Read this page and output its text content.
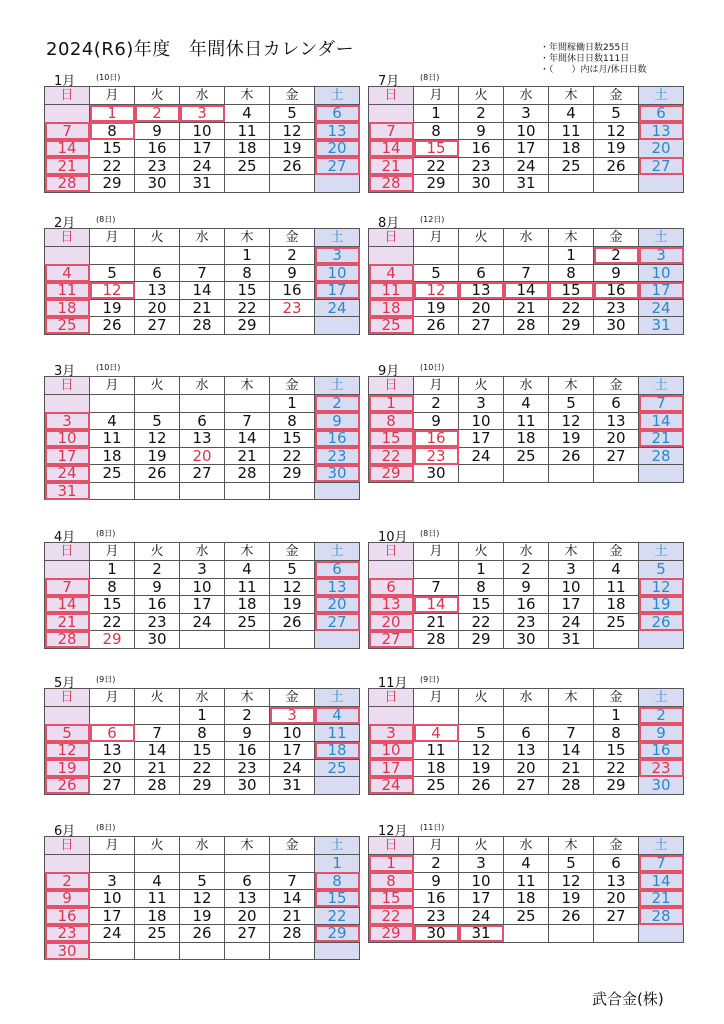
2024(R6)年度 年間休日カレンダー	・年間稼働日数255日
・年間休日日数111日
・（　　）内は月/休日日数
1月	(10日)
日	月	火	水	木	金	土
	1	2	3	4	5	6
7	8	9	10	11	12	13
14	15	16	17	18	19	20
21	22	23	24	25	26	27
28	29	30	31			
2月	(8日)
日	月	火	水	木	金	土
				1	2	3
4	5	6	7	8	9	10
11	12	13	14	15	16	17
18	19	20	21	22	23	24
25	26	27	28	29		
3月	(10日)
日	月	火	水	木	金	土
					1	2
3	4	5	6	7	8	9
10	11	12	13	14	15	16
17	18	19	20	21	22	23
24	25	26	27	28	29	30
31						
4月	(8日)
日	月	火	水	木	金	土
	1	2	3	4	5	6
7	8	9	10	11	12	13
14	15	16	17	18	19	20
21	22	23	24	25	26	27
28	29	30				
5月	(9日)
日	月	火	水	木	金	土
			1	2	3	4
5	6	7	8	9	10	11
12	13	14	15	16	17	18
19	20	21	22	23	24	25
26	27	28	29	30	31	
6月	(8日)
日	月	火	水	木	金	土
						1
2	3	4	5	6	7	8
9	10	11	12	13	14	15
16	17	18	19	20	21	22
23	24	25	26	27	28	29
30						
7月	(8日)
日	月	火	水	木	金	土
	1	2	3	4	5	6
7	8	9	10	11	12	13
14	15	16	17	18	19	20
21	22	23	24	25	26	27
28	29	30	31			
8月	(12日)
日	月	火	水	木	金	土
				1	2	3
4	5	6	7	8	9	10
11	12	13	14	15	16	17
18	19	20	21	22	23	24
25	26	27	28	29	30	31
9月	(10日)
日	月	火	水	木	金	土
1	2	3	4	5	6	7
8	9	10	11	12	13	14
15	16	17	18	19	20	21
22	23	24	25	26	27	28
29	30					
10月 (8日)
日	月	火	水	木	金	土
		1	2	3	4	5
6	7	8	9	10	11	12
13	14	15	16	17	18	19
20	21	22	23	24	25	26
27	28	29	30	31		
11月 (9日)
日	月	火	水	木	金	土
					1	2
3	4	5	6	7	8	9
10	11	12	13	14	15	16
17	18	19	20	21	22	23
24	25	26	27	28	29	30
12月 (11日)
日	月	火	水	木	金	土
1	2	3	4	5	6	7
8	9	10	11	12	13	14
15	16	17	18	19	20	21
22	23	24	25	26	27	28
29	30	31				
武合金(株)
